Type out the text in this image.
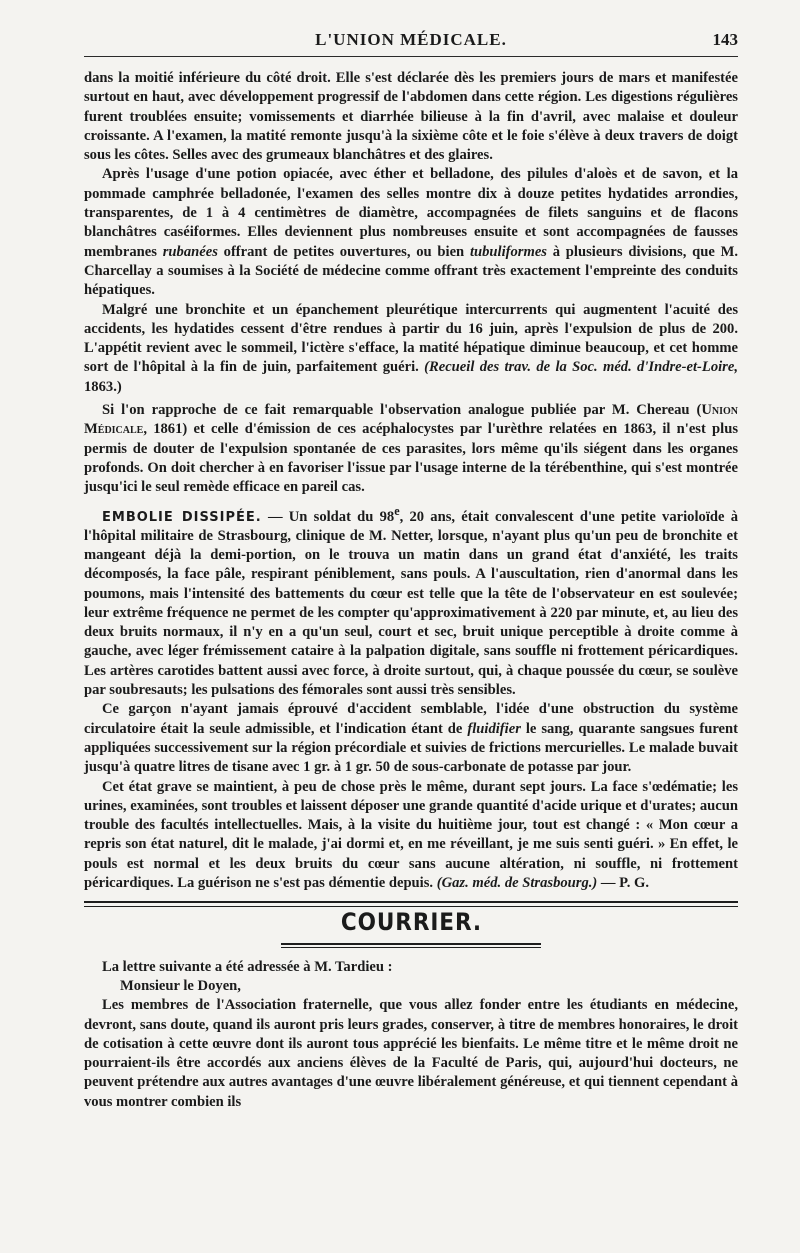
L'UNION MÉDICALE.	143

dans la moitié inférieure du côté droit. Elle s'est déclarée dès les premiers jours de mars et manifestée surtout en haut, avec développement progressif de l'abdomen dans cette région. Les digestions régulières furent troublées ensuite; vomissements et diarrhée bilieuse à la fin d'avril, avec malaise et douleur croissante. A l'examen, la matité remonte jusqu'à la sixième côte et le foie s'élève à deux travers de doigt sous les côtes. Selles avec des grumeaux blanchâtres et des glaires.

Après l'usage d'une potion opiacée, avec éther et belladone, des pilules d'aloès et de savon, et la pommade camphrée belladonée, l'examen des selles montre dix à douze petites hydatides arrondies, transparentes, de 1 à 4 centimètres de diamètre, accompagnées de filets sanguins et de flacons blanchâtres caséiformes. Elles deviennent plus nombreuses ensuite et sont accompagnées de fausses membranes rubanées offrant de petites ouvertures, ou bien tubuliformes à plusieurs divisions, que M. Charcellay a soumises à la Société de médecine comme offrant très exactement l'empreinte des conduits hépatiques.

Malgré une bronchite et un épanchement pleurétique intercurrents qui augmentent l'acuité des accidents, les hydatides cessent d'être rendues à partir du 16 juin, après l'expulsion de plus de 200. L'appétit revient avec le sommeil, l'ictère s'efface, la matité hépatique diminue beaucoup, et cet homme sort de l'hôpital à la fin de juin, parfaitement guéri. (Recueil des trav. de la Soc. méd. d'Indre-et-Loire, 1863.)

Si l'on rapproche de ce fait remarquable l'observation analogue publiée par M. Chereau (Union Médicale, 1861) et celle d'émission de ces acéphalocystes par l'urèthre relatées en 1863, il n'est plus permis de douter de l'expulsion spontanée de ces parasites, lors même qu'ils siégent dans les organes profonds. On doit chercher à en favoriser l'issue par l'usage interne de la térébenthine, qui s'est montrée jusqu'ici le seul remède efficace en pareil cas.

EMBOLIE DISSIPÉE. — Un soldat du 98e, 20 ans, était convalescent d'une petite varioloïde à l'hôpital militaire de Strasbourg, clinique de M. Netter, lorsque, n'ayant plus qu'un peu de bronchite et mangeant déjà la demi-portion, on le trouva un matin dans un grand état d'anxiété, les traits décomposés, la face pâle, respirant péniblement, sans pouls. A l'auscultation, rien d'anormal dans les poumons, mais l'intensité des battements du cœur est telle que la tête de l'observateur en est soulevée; leur extrême fréquence ne permet de les compter qu'approximativement à 220 par minute, et, au lieu des deux bruits normaux, il n'y en a qu'un seul, court et sec, bruit unique perceptible à droite comme à gauche, avec léger frémissement cataire à la palpation digitale, sans souffle ni frottement péricardiques. Les artères carotides battent aussi avec force, à droite surtout, qui, à chaque poussée du cœur, se soulève par soubresauts; les pulsations des fémorales sont aussi très sensibles.

Ce garçon n'ayant jamais éprouvé d'accident semblable, l'idée d'une obstruction du système circulatoire était la seule admissible, et l'indication étant de fluidifier le sang, quarante sangsues furent appliquées successivement sur la région précordiale et suivies de frictions mercurielles. Le malade buvait jusqu'à quatre litres de tisane avec 1 gr. à 1 gr. 50 de sous-carbonate de potasse par jour.

Cet état grave se maintient, à peu de chose près le même, durant sept jours. La face s'œdématie; les urines, examinées, sont troubles et laissent déposer une grande quantité d'acide urique et d'urates; aucun trouble des facultés intellectuelles. Mais, à la visite du huitième jour, tout est changé : « Mon cœur a repris son état naturel, dit le malade, j'ai dormi et, en me réveillant, je me suis senti guéri. » En effet, le pouls est normal et les deux bruits du cœur sans aucune altération, ni souffle, ni frottement péricardiques. La guérison ne s'est pas démentie depuis. (Gaz. méd. de Strasbourg.) — P. G.

COURRIER.

La lettre suivante a été adressée à M. Tardieu :

Monsieur le Doyen,

Les membres de l'Association fraternelle, que vous allez fonder entre les étudiants en médecine, devront, sans doute, quand ils auront pris leurs grades, conserver, à titre de membres honoraires, le droit de cotisation à cette œuvre dont ils auront tous apprécié les bienfaits. Le même titre et le même droit ne pourraient-ils être accordés aux anciens élèves de la Faculté de Paris, qui, aujourd'hui docteurs, ne peuvent prétendre aux autres avantages d'une œuvre libéralement généreuse, et qui tiennent cependant à vous montrer combien ils
